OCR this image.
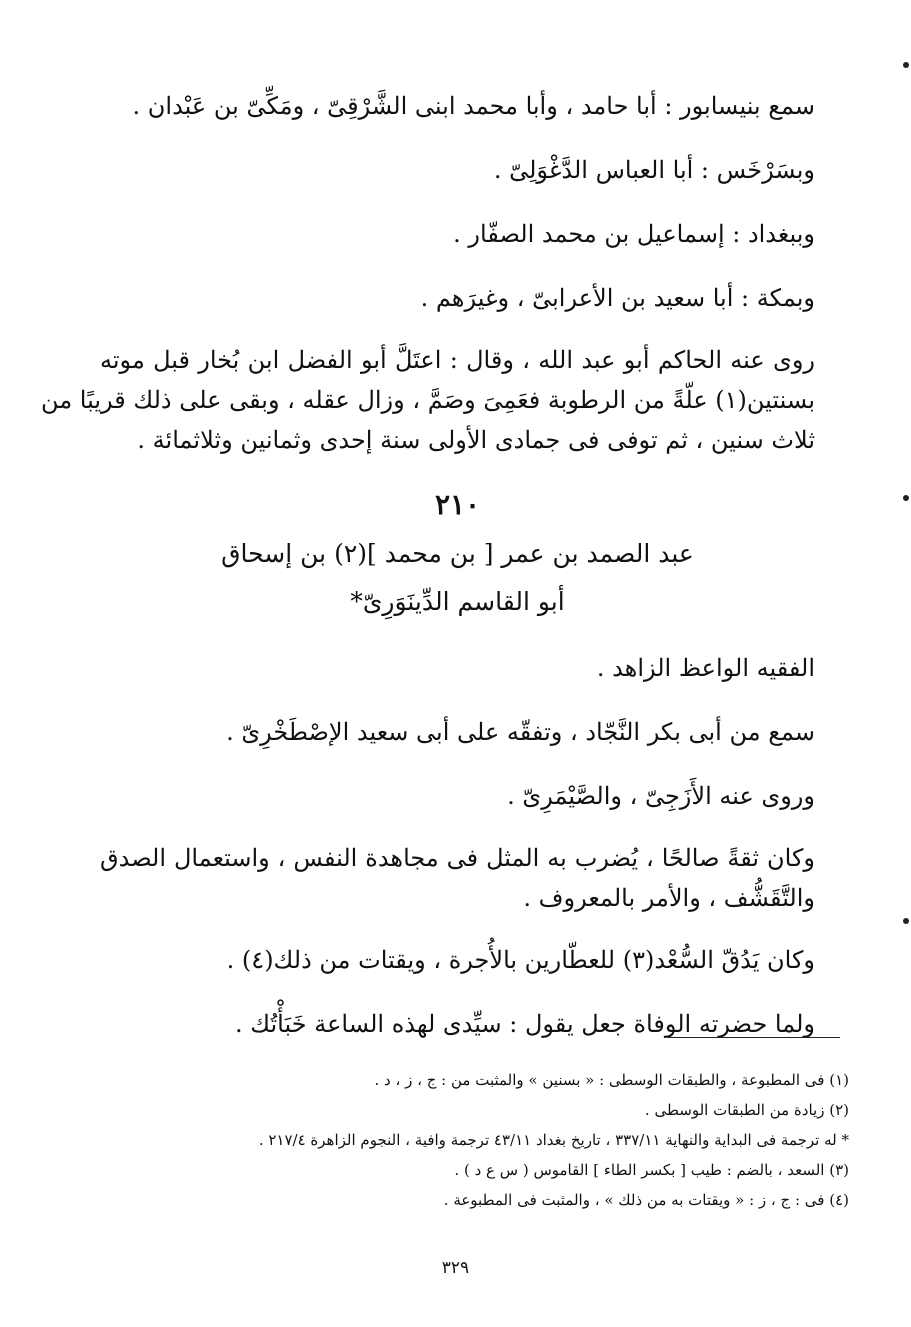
سمع بنيسابور : أبا حامد ، وأبا محمد ابنى الشَّرْقِىّ ، ومَكِّىّ بن عَبْدان .

وبسَرْخَس : أبا العباس الدَّغْوَلِىّ .

وببغداد : إسماعيل بن محمد الصفّار .

وبمكة : أبا سعيد بن الأعرابىّ ، وغيرَهم .

روى عنه الحاكم أبو عبد الله ، وقال : اعتَلَّ أبو الفضل ابن بُخار قبل موته
بسنتين(١) علّةً من الرطوبة فعَمِىَ وصَمَّ ، وزال عقله ، وبقى على ذلك قريبًا من
ثلاث سنين ، ثم توفى فى جمادى الأولى سنة إحدى وثمانين وثلاثمائة .
٢١٠
عبد الصمد بن عمر [ بن محمد ](٢) بن إسحاق
أبو القاسم الدِّينَوَرِىّ*

الفقيه الواعظ الزاهد .

سمع من أبى بكر النَّجّاد ، وتفقّه على أبى سعيد الإصْطَخْرِىّ .

وروى عنه الأَزَجِىّ ، والصَّيْمَرِىّ .

وكان ثقةً صالحًا ، يُضرب به المثل فى مجاهدة النفس ، واستعمال الصدق
والتَّقَشُّف ، والأمر بالمعروف .

وكان يَدُقّ السُّعْد(٣) للعطّارين بالأُجرة ، ويقتات من ذلك(٤) .

ولما حضرته الوفاة جعل يقول : سيِّدى لهذه الساعة خَبَأْتُك .

(١) فى المطبوعة ، والطبقات الوسطى : « بسنين » والمثبت من : ج ، ز ، د .

(٢) زيادة من الطبقات الوسطى .

* له ترجمة فى البداية والنهاية ٣٣٧/١١ ، تاريخ بغداد ٤٣/١١ ترجمة وافية ، النجوم الزاهرة ٢١٧/٤ .

(٣) السعد ، بالضم : طيب [ بكسر الطاء ] القاموس ( س ع د ) .

(٤) فى : ج ، ز : « ويقتات به من ذلك » ، والمثبت فى المطبوعة .

٣٢٩
